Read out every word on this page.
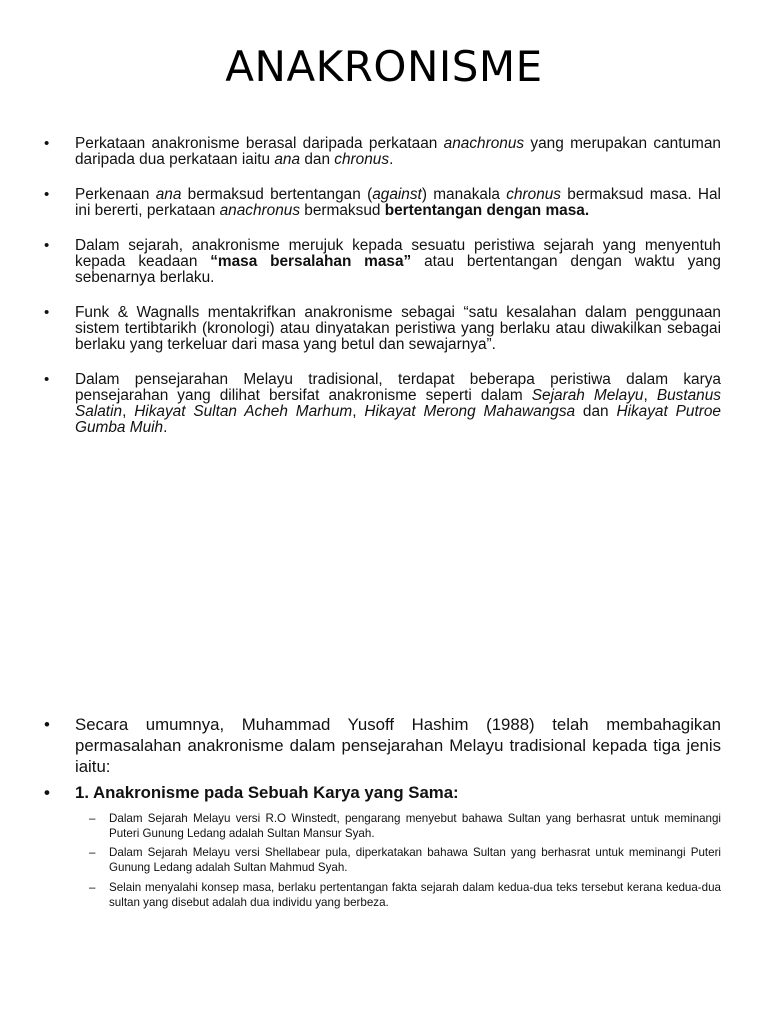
ANAKRONISME
• Perkataan anakronisme berasal daripada perkataan anachronus yang merupakan cantuman daripada dua perkataan iaitu ana dan chronus.
• Perkenaan ana bermaksud bertentangan (against) manakala chronus bermaksud masa. Hal ini bererti, perkataan anachronus bermaksud bertentangan dengan masa.
• Dalam sejarah, anakronisme merujuk kepada sesuatu peristiwa sejarah yang menyentuh kepada keadaan “masa bersalahan masa” atau bertentangan dengan waktu yang sebenarnya berlaku.
• Funk & Wagnalls mentakrifkan anakronisme sebagai “satu kesalahan dalam penggunaan sistem tertibtarikh (kronologi) atau dinyatakan peristiwa yang berlaku atau diwakilkan sebagai berlaku yang terkeluar dari masa yang betul dan sewajarnya”.
• Dalam pensejarahan Melayu tradisional, terdapat beberapa peristiwa dalam karya pensejarahan yang dilihat bersifat anakronisme seperti dalam Sejarah Melayu, Bustanus Salatin, Hikayat Sultan Acheh Marhum, Hikayat Merong Mahawangsa dan Hikayat Putroe Gumba Muih.
• Secara umumnya, Muhammad Yusoff Hashim (1988) telah membahagikan permasalahan anakronisme dalam pensejarahan Melayu tradisional kepada tiga jenis iaitu:
• 1. Anakronisme pada Sebuah Karya yang Sama:
– Dalam Sejarah Melayu versi R.O Winstedt, pengarang menyebut bahawa Sultan yang berhasrat untuk meminangi Puteri Gunung Ledang adalah Sultan Mansur Syah.
– Dalam Sejarah Melayu versi Shellabear pula, diperkatakan bahawa Sultan yang berhasrat untuk meminangi Puteri Gunung Ledang adalah Sultan Mahmud Syah.
– Selain menyalahi konsep masa, berlaku pertentangan fakta sejarah dalam kedua-dua teks tersebut kerana kedua-dua sultan yang disebut adalah dua individu yang berbeza.
